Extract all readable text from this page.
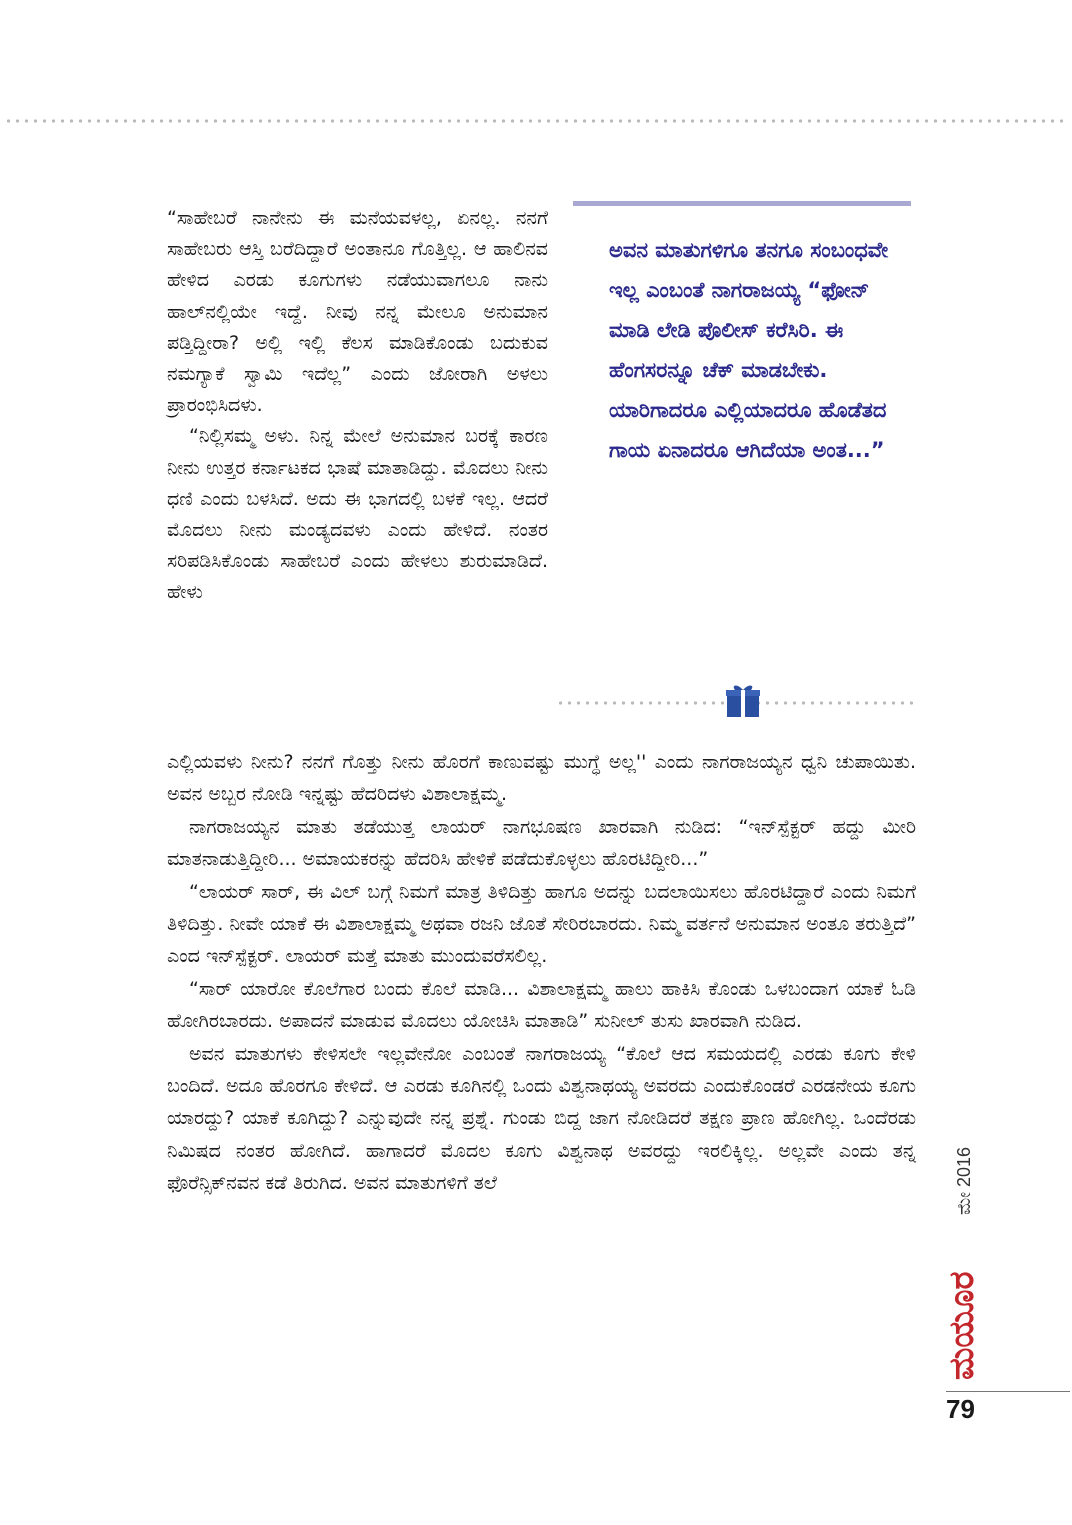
“ಸಾಹೇಬರೆ ನಾನೇನು ಈ ಮನೆಯವಳಲ್ಲ, ಏನಲ್ಲ. ನನಗೆ ಸಾಹೇಬರು ಆಸ್ತಿ ಬರೆದಿದ್ದಾರೆ ಅಂತಾನೂ ಗೊತ್ತಿಲ್ಲ. ಆ ಹಾಲಿನವ ಹೇಳಿದ ಎರಡು ಕೂಗುಗಳು ನಡೆಯುವಾಗಲೂ ನಾನು ಹಾಲ್‌ನಲ್ಲಿಯೇ ಇದ್ದೆ. ನೀವು ನನ್ನ ಮೇಲೂ ಅನುಮಾನ ಪಡ್ತಿದ್ದೀರಾ? ಅಲ್ಲಿ ಇಲ್ಲಿ ಕೆಲಸ ಮಾಡಿಕೊಂಡು ಬದುಕುವ ನಮಗ್ಯಾಕೆ ಸ್ವಾಮಿ ಇದೆಲ್ಲ” ಎಂದು ಜೋರಾಗಿ ಅಳಲು ಪ್ರಾರಂಭಿಸಿದಳು.

“ನಿಲ್ಲಿಸಮ್ಮ ಅಳು. ನಿನ್ನ ಮೇಲೆ ಅನುಮಾನ ಬರಕ್ಕೆ ಕಾರಣ ನೀನು ಉತ್ತರ ಕರ್ನಾಟಕದ ಭಾಷೆ ಮಾತಾಡಿದ್ದು. ಮೊದಲು ನೀನು ಧಣಿ ಎಂದು ಬಳಸಿದೆ. ಅದು ಈ ಭಾಗದಲ್ಲಿ ಬಳಕೆ ಇಲ್ಲ. ಆದರೆ ಮೊದಲು ನೀನು ಮಂಡ್ಯದವಳು ಎಂದು ಹೇಳಿದೆ. ನಂತರ ಸರಿಪಡಿಸಿಕೊಂಡು ಸಾಹೇಬರೆ ಎಂದು ಹೇಳಲು ಶುರುಮಾಡಿದೆ. ಹೇಳು

ಅವನ ಮಾತುಗಳಿಗೂ ತನಗೂ ಸಂಬಂಧವೇ ಇಲ್ಲ ಎಂಬಂತೆ ನಾಗರಾಜಯ್ಯ “ಫೋನ್ ಮಾಡಿ ಲೇಡಿ ಪೊಲೀಸ್ ಕರೆಸಿರಿ. ಈ ಹೆಂಗಸರನ್ನೂ ಚೆಕ್ ಮಾಡಬೇಕು. ಯಾರಿಗಾದರೂ ಎಲ್ಲಿಯಾದರೂ ಹೊಡೆತದ ಗಾಯ ಏನಾದರೂ ಆಗಿದೆಯಾ ಅಂತ...”

ಎಲ್ಲಿಯವಳು ನೀನು? ನನಗೆ ಗೊತ್ತು ನೀನು ಹೊರಗೆ ಕಾಣುವಷ್ಟು ಮುಗ್ಧೆ ಅಲ್ಲ'' ಎಂದು ನಾಗರಾಜಯ್ಯನ ಧ್ವನಿ ಚುಪಾಯಿತು. ಅವನ ಅಬ್ಬರ ನೋಡಿ ಇನ್ನಷ್ಟು ಹೆದರಿದಳು ವಿಶಾಲಾಕ್ಷಮ್ಮ.

ನಾಗರಾಜಯ್ಯನ ಮಾತು ತಡೆಯುತ್ತ ಲಾಯರ್ ನಾಗಭೂಷಣ ಖಾರವಾಗಿ ನುಡಿದ: “ಇನ್‌ಸ್ಪೆಕ್ಟರ್ ಹದ್ದು ಮೀರಿ ಮಾತನಾಡುತ್ತಿದ್ದೀರಿ... ಅಮಾಯಕರನ್ನು ಹೆದರಿಸಿ ಹೇಳಿಕೆ ಪಡೆದುಕೊಳ್ಳಲು ಹೊರಟಿದ್ದೀರಿ...”

“ಲಾಯರ್ ಸಾರ್, ಈ ವಿಲ್ ಬಗ್ಗೆ ನಿಮಗೆ ಮಾತ್ರ ತಿಳಿದಿತ್ತು ಹಾಗೂ ಅದನ್ನು ಬದಲಾಯಿಸಲು ಹೊರಟಿದ್ದಾರೆ ಎಂದು ನಿಮಗೆ ತಿಳಿದಿತ್ತು. ನೀವೇ ಯಾಕೆ ಈ ವಿಶಾಲಾಕ್ಷಮ್ಮ ಅಥವಾ ರಜನಿ ಜೊತೆ ಸೇರಿರಬಾರದು. ನಿಮ್ಮ ವರ್ತನೆ ಅನುಮಾನ ಅಂತೂ ತರುತ್ತಿದೆ” ಎಂದ ಇನ್‌ಸ್ಪೆಕ್ಟರ್. ಲಾಯರ್ ಮತ್ತೆ ಮಾತು ಮುಂದುವರೆಸಲಿಲ್ಲ.

“ಸಾರ್ ಯಾರೋ ಕೊಲೆಗಾರ ಬಂದು ಕೊಲೆ ಮಾಡಿ... ವಿಶಾಲಾಕ್ಷಮ್ಮ ಹಾಲು ಹಾಕಿಸಿ ಕೊಂಡು ಒಳಬಂದಾಗ ಯಾಕೆ ಓಡಿ ಹೋಗಿರಬಾರದು. ಅಪಾದನೆ ಮಾಡುವ ಮೊದಲು ಯೋಚಿಸಿ ಮಾತಾಡಿ” ಸುನೀಲ್ ತುಸು ಖಾರವಾಗಿ ನುಡಿದ.

ಅವನ ಮಾತುಗಳು ಕೇಳಿಸಲೇ ಇಲ್ಲವೇನೋ ಎಂಬಂತೆ ನಾಗರಾಜಯ್ಯ “ಕೊಲೆ ಆದ ಸಮಯದಲ್ಲಿ ಎರಡು ಕೂಗು ಕೇಳಿ ಬಂದಿದೆ. ಅದೂ ಹೊರಗೂ ಕೇಳಿದೆ. ಆ ಎರಡು ಕೂಗಿನಲ್ಲಿ ಒಂದು ವಿಶ್ವನಾಥಯ್ಯ ಅವರದು ಎಂದುಕೊಂಡರೆ ಎರಡನೇಯ ಕೂಗು ಯಾರದ್ದು? ಯಾಕೆ ಕೂಗಿದ್ದು? ಎನ್ನುವುದೇ ನನ್ನ ಪ್ರಶ್ನೆ. ಗುಂಡು ಬಿದ್ದ ಜಾಗ ನೋಡಿದರೆ ತಕ್ಷಣ ಪ್ರಾಣ ಹೋಗಿಲ್ಲ. ಒಂದೆರಡು ನಿಮಿಷದ ನಂತರ ಹೋಗಿದೆ. ಹಾಗಾದರೆ ಮೊದಲ ಕೂಗು ವಿಶ್ವನಾಥ ಅವರದ್ದು ಇರಲಿಕ್ಕಿಲ್ಲ. ಅಲ್ಲವೇ ಎಂದು ತನ್ನ ಫೊರೆನ್ಸಿಕ್‌ನವನ ಕಡೆ ತಿರುಗಿದ. ಅವನ ಮಾತುಗಳಿಗೆ ತಲೆ	ಮೇ 2016
ಮಯೂರ
79
